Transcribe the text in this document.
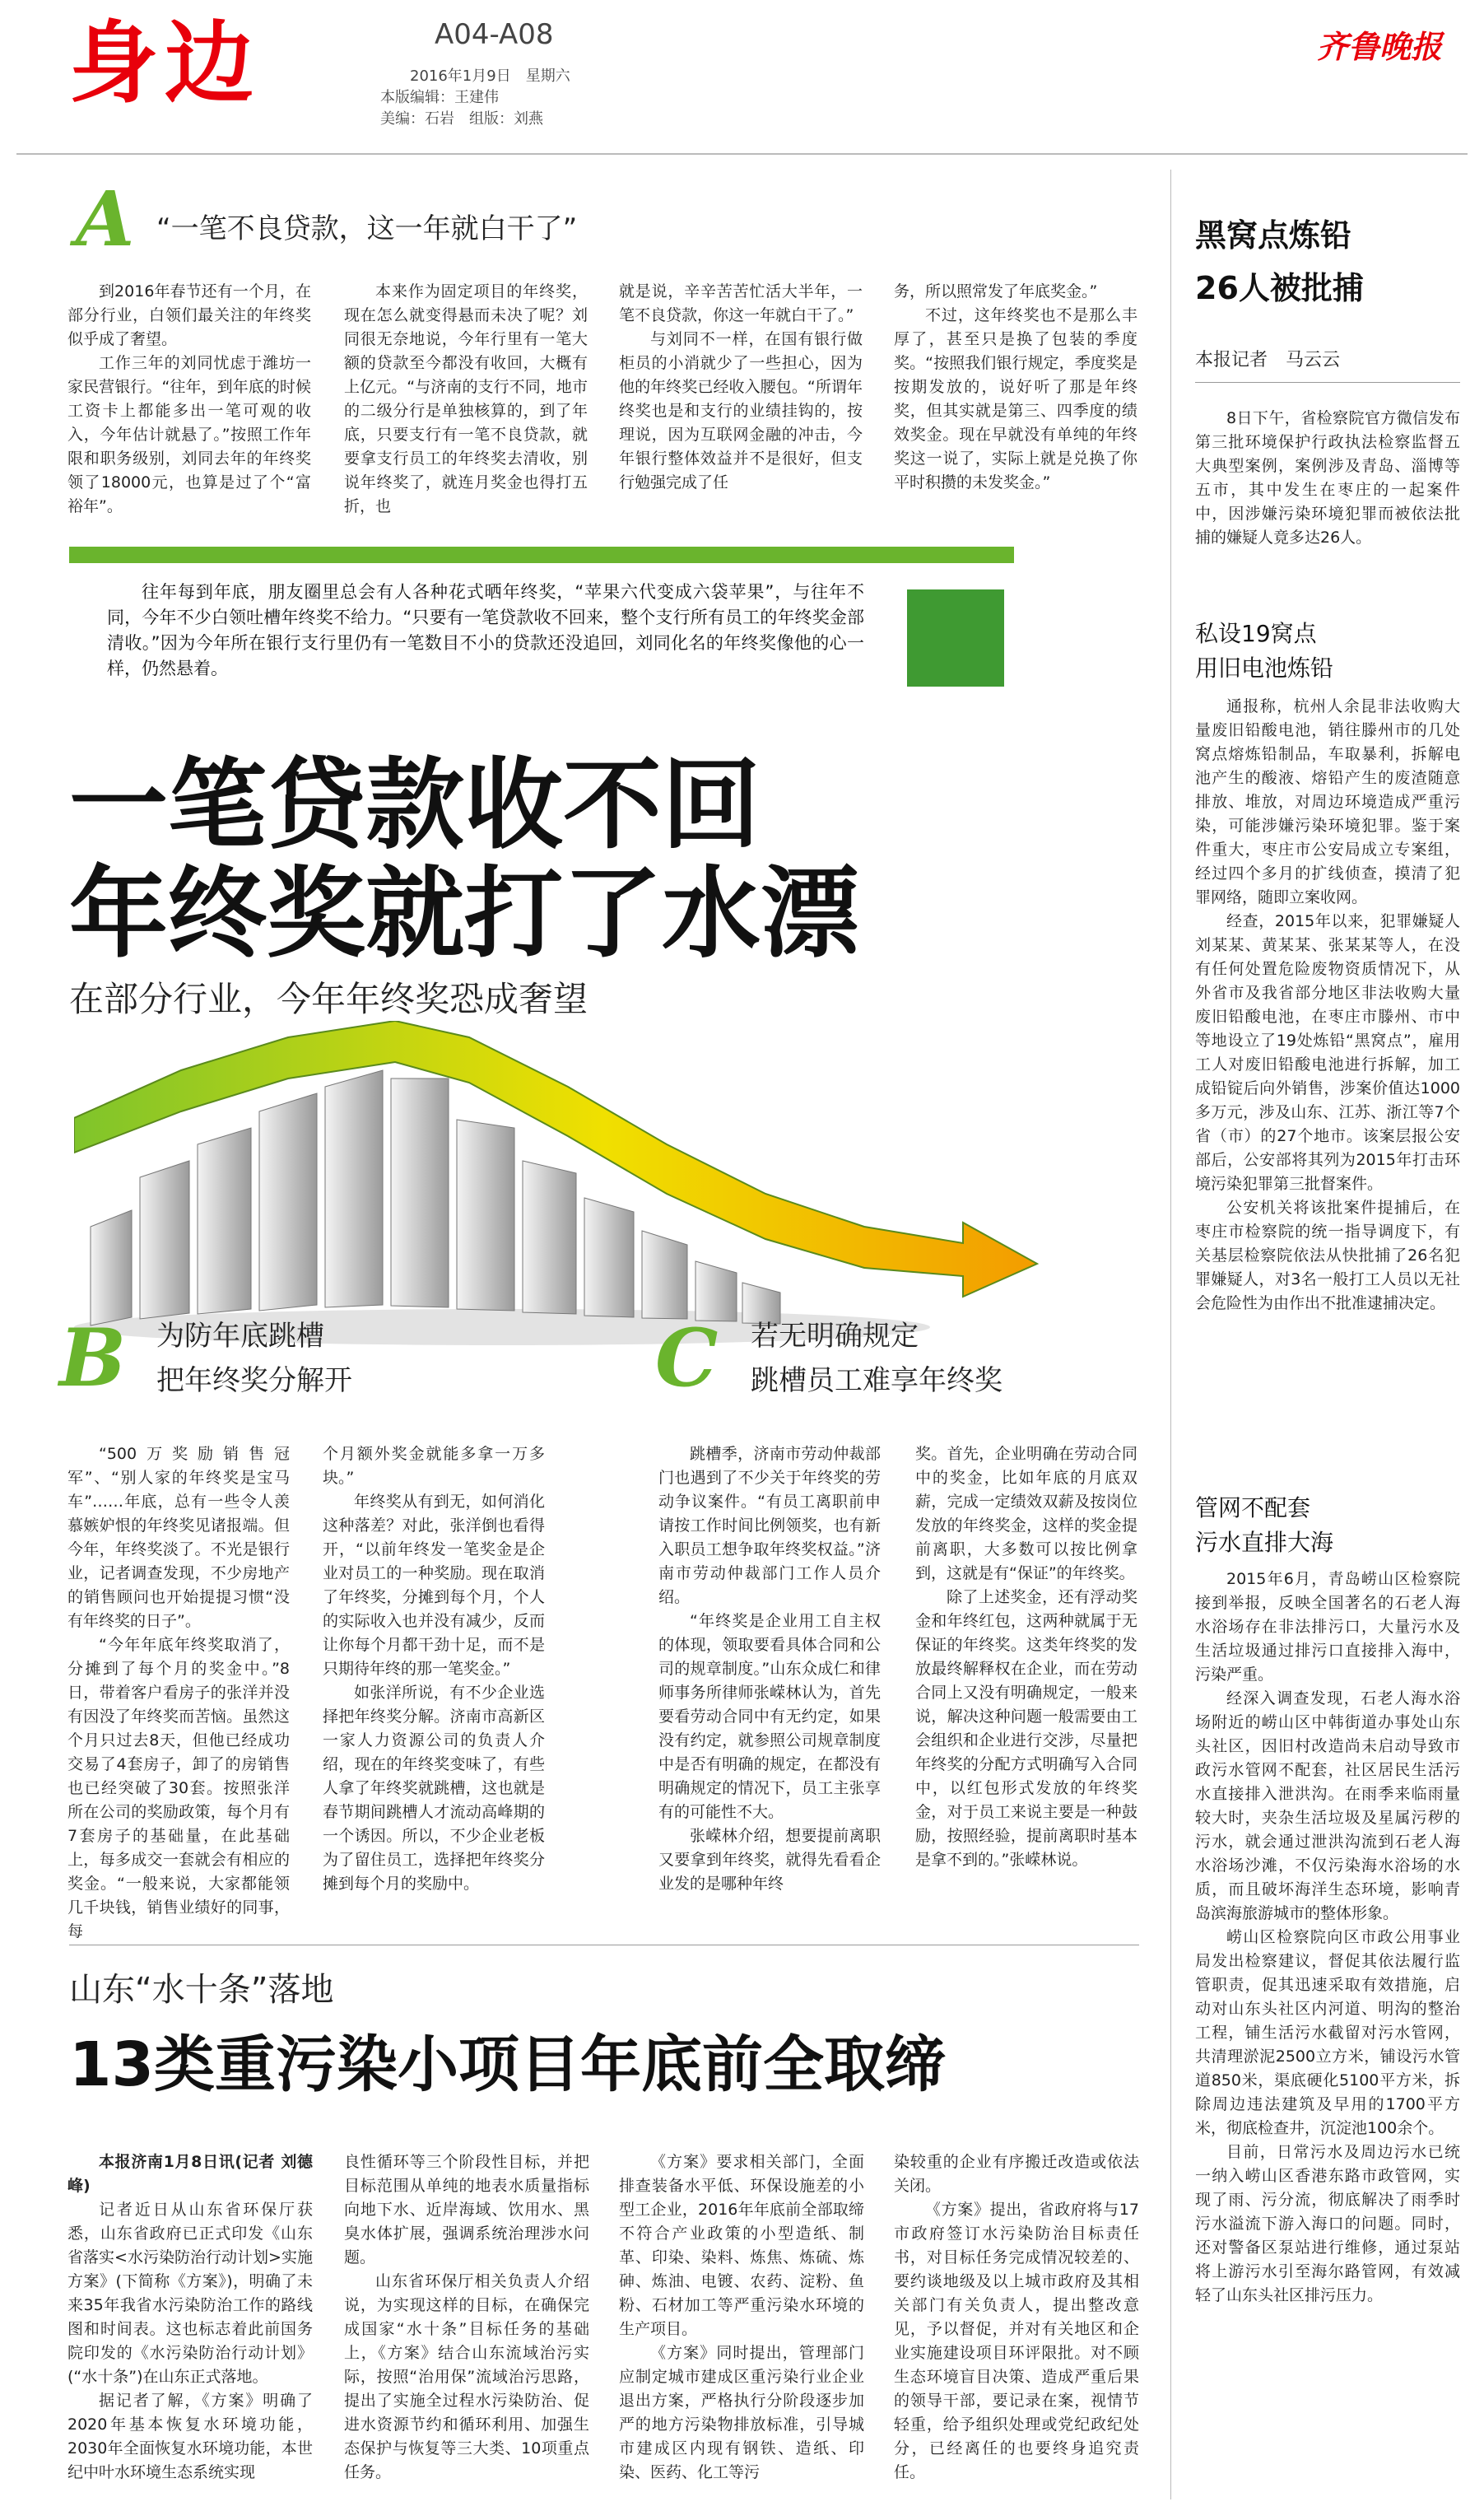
身边	A04-A08
2016年1月9日　星期六
本版编辑：王建伟
美编：石岩　组版：刘燕
齐鲁晚报
A “一笔不良贷款，这一年就白干了”

到2016年春节还有一个月，在部分行业，白领们最关注的年终奖似乎成了奢望。

工作三年的刘同忧虑于潍坊一家民营银行。“往年，到年底的时候工资卡上都能多出一笔可观的收入，今年估计就悬了。”按照工作年限和职务级别，刘同去年的年终奖领了18000元，也算是过了个“富裕年”。

本来作为固定项目的年终奖，现在怎么就变得悬而未决了呢？刘同很无奈地说，今年行里有一笔大额的贷款至今都没有收回，大概有上亿元。“与济南的支行不同，地市的二级分行是单独核算的，到了年底，只要支行有一笔不良贷款，就要拿支行员工的年终奖去清收，别说年终奖了，就连月奖金也得打五折，也

就是说，辛辛苦苦忙活大半年，一笔不良贷款，你这一年就白干了。”

与刘同不一样，在国有银行做柜员的小消就少了一些担心，因为他的年终奖已经收入腰包。“所谓年终奖也是和支行的业绩挂钩的，按理说，因为互联网金融的冲击，今年银行整体效益并不是很好，但支行勉强完成了任

务，所以照常发了年底奖金。”

不过，这年终奖也不是那么丰厚了，甚至只是换了包装的季度奖。“按照我们银行规定，季度奖是按期发放的，说好听了那是年终奖，但其实就是第三、四季度的绩效奖金。现在早就没有单纯的年终奖这一说了，实际上就是兑换了你平时积攒的未发奖金。”

往年每到年底，朋友圈里总会有人各种花式晒年终奖，“苹果六代变成六袋苹果”，与往年不同，今年不少白领吐槽年终奖不给力。“只要有一笔贷款收不回来，整个支行所有员工的年终奖金部清收。”因为今年所在银行支行里仍有一笔数目不小的贷款还没追回，刘同化名的年终奖像他的心一样，仍然悬着。
一笔贷款收不回
年终奖就打了水漂
在部分行业，今年年终奖恐成奢望
B 为防年底跳槽
把年终奖分解开

“500万奖励销售冠军”、“别人家的年终奖是宝马车”……年底，总有一些令人羡慕嫉妒恨的年终奖见诸报端。但今年，年终奖淡了。不光是银行业，记者调查发现，不少房地产的销售顾问也开始提提习惯“没有年终奖的日子”。

“今年年底年终奖取消了，分摊到了每个月的奖金中。”8日，带着客户看房子的张洋并没有因没了年终奖而苦恼。虽然这个月只过去8天，但他已经成功交易了4套房子，卸了的房销售也已经突破了30套。按照张洋所在公司的奖励政策，每个月有7套房子的基础量，在此基础上，每多成交一套就会有相应的奖金。“一般来说，大家都能领几千块钱，销售业绩好的同事，每

个月额外奖金就能多拿一万多块。”

年终奖从有到无，如何消化这种落差？对此，张洋倒也看得开，“以前年终发一笔奖金是企业对员工的一种奖励。现在取消了年终奖，分摊到每个月，个人的实际收入也并没有减少，反而让你每个月都干劲十足，而不是只期待年终的那一笔奖金。”

如张洋所说，有不少企业选择把年终奖分解。济南市高新区一家人力资源公司的负责人介绍，现在的年终奖变味了，有些人拿了年终奖就跳槽，这也就是春节期间跳槽人才流动高峰期的一个诱因。所以，不少企业老板为了留住员工，选择把年终奖分摊到每个月的奖励中。

C 若无明确规定
跳槽员工难享年终奖

跳槽季，济南市劳动仲裁部门也遇到了不少关于年终奖的劳动争议案件。“有员工离职前申请按工作时间比例领奖，也有新入职员工想争取年终奖权益。”济南市劳动仲裁部门工作人员介绍。

“年终奖是企业用工自主权的体现，领取要看具体合同和公司的规章制度。”山东众成仁和律师事务所律师张嵘林认为，首先要看劳动合同中有无约定，如果没有约定，就参照公司规章制度中是否有明确的规定，在都没有明确规定的情况下，员工主张享有的可能性不大。

张嵘林介绍，想要提前离职又要拿到年终奖，就得先看看企业发的是哪种年终

奖。首先，企业明确在劳动合同中的奖金，比如年底的月底双薪，完成一定绩效双薪及按岗位发放的年终奖金，这样的奖金提前离职，大多数可以按比例拿到，这就是有“保证”的年终奖。

除了上述奖金，还有浮动奖金和年终红包，这两种就属于无保证的年终奖。这类年终奖的发放最终解释权在企业，而在劳动合同上又没有明确规定，一般来说，解决这种问题一般需要由工会组织和企业进行交涉，尽量把年终奖的分配方式明确写入合同中，以红包形式发放的年终奖金，对于员工来说主要是一种鼓励，按照经验，提前离职时基本是拿不到的。”张嵘林说。

山东“水十条”落地
13类重污染小项目年底前全取缔

本报济南1月8日讯(记者 刘德峰)

记者近日从山东省环保厅获悉，山东省政府已正式印发《山东省落实<水污染防治行动计划>实施方案》(下简称《方案》)，明确了未来35年我省水污染防治工作的路线图和时间表。这也标志着此前国务院印发的《水污染防治行动计划》(“水十条”)在山东正式落地。

据记者了解，《方案》明确了2020年基本恢复水环境功能，2030年全面恢复水环境功能，本世纪中叶水环境生态系统实现

良性循环等三个阶段性目标，并把目标范围从单纯的地表水质量指标向地下水、近岸海域、饮用水、黑臭水体扩展，强调系统治理涉水问题。

山东省环保厅相关负责人介绍说，为实现这样的目标，在确保完成国家“水十条”目标任务的基础上，《方案》结合山东流域治污实际，按照“治用保”流域治污思路，提出了实施全过程水污染防治、促进水资源节约和循环利用、加强生态保护与恢复等三大类、10项重点任务。

《方案》要求相关部门，全面排查装备水平低、环保设施差的小型工企业，2016年年底前全部取缔不符合产业政策的小型造纸、制革、印染、染料、炼焦、炼硫、炼砷、炼油、电镀、农药、淀粉、鱼粉、石材加工等严重污染水环境的生产项目。

《方案》同时提出，管理部门应制定城市建成区重污染行业企业退出方案，严格执行分阶段逐步加严的地方污染物排放标准，引导城市建成区内现有钢铁、造纸、印染、医药、化工等污

染较重的企业有序搬迁改造或依法关闭。

《方案》提出，省政府将与17市政府签订水污染防治目标责任书，对目标任务完成情况较差的、要约谈地级及以上城市政府及其相关部门有关负责人，提出整改意见，予以督促，并对有关地区和企业实施建设项目环评限批。对不顾生态环境盲目决策、造成严重后果的领导干部，要记录在案，视情节轻重，给予组织处理或党纪政纪处分，已经离任的也要终身追究责任。

黑窝点炼铅
26人被批捕
本报记者　马云云

8日下午，省检察院官方微信发布第三批环境保护行政执法检察监督五大典型案例，案例涉及青岛、淄博等五市，其中发生在枣庄的一起案件中，因涉嫌污染环境犯罪而被依法批捕的嫌疑人竟多达26人。

私设19窝点
用旧电池炼铅

通报称，杭州人余昆非法收购大量废旧铅酸电池，销往滕州市的几处窝点熔炼铅制品，车取暴利，拆解电池产生的酸液、熔铅产生的废渣随意排放、堆放，对周边环境造成严重污染，可能涉嫌污染环境犯罪。鉴于案件重大，枣庄市公安局成立专案组，经过四个多月的扩线侦查，摸清了犯罪网络，随即立案收网。

经查，2015年以来，犯罪嫌疑人刘某某、黄某某、张某某等人，在没有任何处置危险废物资质情况下，从外省市及我省部分地区非法收购大量废旧铅酸电池，在枣庄市滕州、市中等地设立了19处炼铅“黑窝点”，雇用工人对废旧铅酸电池进行拆解，加工成铅锭后向外销售，涉案价值达1000多万元，涉及山东、江苏、浙江等7个省（市）的27个地市。该案层报公安部后，公安部将其列为2015年打击环境污染犯罪第三批督案件。

公安机关将该批案件提捕后，在枣庄市检察院的统一指导调度下，有关基层检察院依法从快批捕了26名犯罪嫌疑人，对3名一般打工人员以无社会危险性为由作出不批准逮捕决定。

管网不配套
污水直排大海

2015年6月，青岛崂山区检察院接到举报，反映全国著名的石老人海水浴场存在非法排污口，大量污水及生活垃圾通过排污口直接排入海中，污染严重。

经深入调查发现，石老人海水浴场附近的崂山区中韩街道办事处山东头社区，因旧村改造尚未启动导致市政污水管网不配套，社区居民生活污水直接排入泄洪沟。在雨季来临雨量较大时，夹杂生活垃圾及星属污秽的污水，就会通过泄洪沟流到石老人海水浴场沙滩，不仅污染海水浴场的水质，而且破坏海洋生态环境，影响青岛滨海旅游城市的整体形象。

崂山区检察院向区市政公用事业局发出检察建议，督促其依法履行监管职责，促其迅速采取有效措施，启动对山东头社区内河道、明沟的整治工程，铺生活污水截留对污水管网，共清理淤泥2500立方米，铺设污水管道850米，渠底硬化5100平方米，拆除周边违法建筑及早用的1700平方米，彻底检查井，沉淀池100余个。

目前，日常污水及周边污水已统一纳入崂山区香港东路市政管网，实现了雨、污分流，彻底解决了雨季时污水溢流下游入海口的问题。同时，还对警备区泵站进行维修，通过泵站将上游污水引至海尔路管网，有效减轻了山东头社区排污压力。
